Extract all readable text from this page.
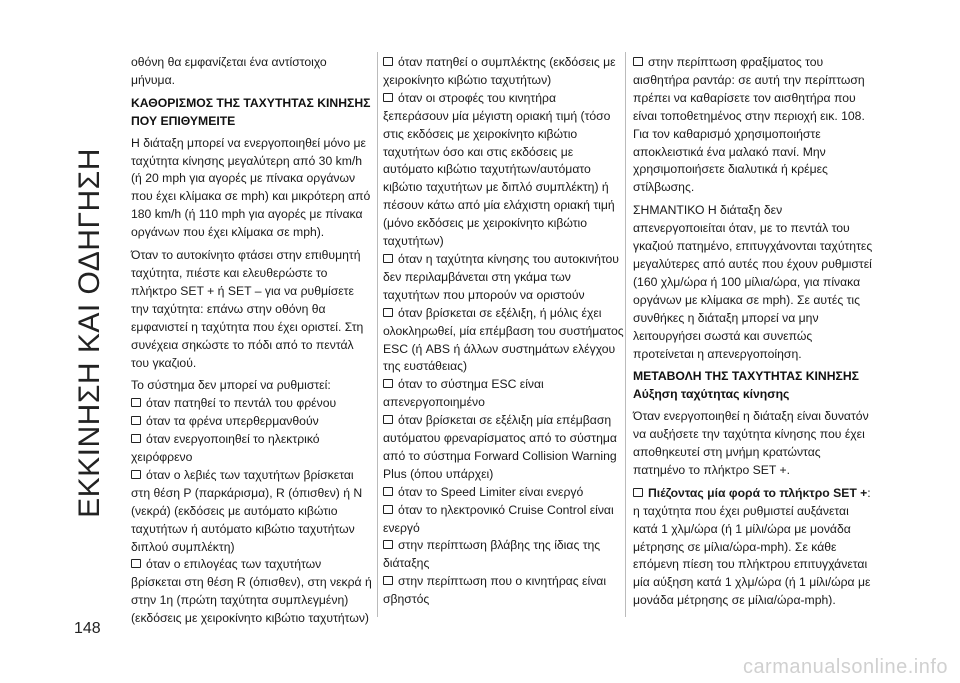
ΕΚΚΙΝΗΣΗ ΚΑΙ ΟΔΗΓΗΣΗ
148

οθόνη θα εμφανίζεται ένα αντίστοιχο μήνυμα.

ΚΑΘΟΡΙΣΜΟΣ ΤΗΣ ΤΑΧΥΤΗΤΑΣ ΚΙΝΗΣΗΣ ΠΟΥ ΕΠΙΘΥΜΕΙΤΕ

Η διάταξη μπορεί να ενεργοποιηθεί μόνο με ταχύτητα κίνησης μεγαλύτερη από 30 km/h (ή 20 mph για αγορές με πίνακα οργάνων που έχει κλίμακα σε mph) και μικρότερη από 180 km/h (ή 110 mph για αγορές με πίνακα οργάνων που έχει κλίμακα σε mph).

Όταν το αυτοκίνητο φτάσει στην επιθυμητή ταχύτητα, πιέστε και ελευθερώστε το πλήκτρο SET + ή SET – για να ρυθμίσετε την ταχύτητα: επάνω στην οθόνη θα εμφανιστεί η ταχύτητα που έχει οριστεί. Στη συνέχεια σηκώστε το πόδι από το πεντάλ του γκαζιού.

Το σύστημα δεν μπορεί να ρυθμιστεί:

όταν πατηθεί το πεντάλ του φρένου
όταν τα φρένα υπερθερμανθούν
όταν ενεργοποιηθεί το ηλεκτρικό χειρόφρενο
όταν ο λεβιές των ταχυτήτων βρίσκεται στη θέση P (παρκάρισμα), R (όπισθεν) ή N (νεκρά) (εκδόσεις με αυτόματο κιβώτιο ταχυτήτων ή αυτόματο κιβώτιο ταχυτήτων διπλού συμπλέκτη)
όταν ο επιλογέας των ταχυτήτων βρίσκεται στη θέση R (όπισθεν), στη νεκρά ή στην 1η (πρώτη ταχύτητα συμπλεγμένη) (εκδόσεις με χειροκίνητο κιβώτιο ταχυτήτων)
όταν πατηθεί ο συμπλέκτης (εκδόσεις με χειροκίνητο κιβώτιο ταχυτήτων)
όταν οι στροφές του κινητήρα ξεπεράσουν μία μέγιστη οριακή τιμή (τόσο στις εκδόσεις με χειροκίνητο κιβώτιο ταχυτήτων όσο και στις εκδόσεις με αυτόματο κιβώτιο ταχυτήτων/αυτόματο κιβώτιο ταχυτήτων με διπλό συμπλέκτη) ή πέσουν κάτω από μία ελάχιστη οριακή τιμή (μόνο εκδόσεις με χειροκίνητο κιβώτιο ταχυτήτων)
όταν η ταχύτητα κίνησης του αυτοκινήτου δεν περιλαμβάνεται στη γκάμα των ταχυτήτων που μπορούν να οριστούν
όταν βρίσκεται σε εξέλιξη, ή μόλις έχει ολοκληρωθεί, μία επέμβαση του συστήματος ESC (ή ABS ή άλλων συστημάτων ελέγχου της ευστάθειας)
όταν το σύστημα ESC είναι απενεργοποιημένο
όταν βρίσκεται σε εξέλιξη μία επέμβαση αυτόματου φρεναρίσματος από το σύστημα από το σύστημα Forward Collision Warning Plus (όπου υπάρχει)
όταν το Speed Limiter είναι ενεργό
όταν το ηλεκτρονικό Cruise Control είναι ενεργό
στην περίπτωση βλάβης της ίδιας της διάταξης
στην περίπτωση που ο κινητήρας είναι σβηστός
στην περίπτωση φραξίματος του αισθητήρα ραντάρ: σε αυτή την περίπτωση πρέπει να καθαρίσετε τον αισθητήρα που είναι τοποθετημένος στην περιοχή εικ. 108. Για τον καθαρισμό χρησιμοποιήστε αποκλειστικά ένα μαλακό πανί. Μην χρησιμοποιήσετε διαλυτικά ή κρέμες στίλβωσης.

ΣΗΜΑΝΤΙΚΟ Η διάταξη δεν απενεργοποιείται όταν, με το πεντάλ του γκαζιού πατημένο, επιτυγχάνονται ταχύτητες μεγαλύτερες από αυτές που έχουν ρυθμιστεί (160 χλμ/ώρα ή 100 μίλια/ώρα, για πίνακα οργάνων με κλίμακα σε mph). Σε αυτές τις συνθήκες η διάταξη μπορεί να μην λειτουργήσει σωστά και συνεπώς προτείνεται η απενεργοποίηση.

ΜΕΤΑΒΟΛΗ ΤΗΣ ΤΑΧΥΤΗΤΑΣ ΚΙΝΗΣΗΣ
Αύξηση ταχύτητας κίνησης

Όταν ενεργοποιηθεί η διάταξη είναι δυνατόν να αυξήσετε την ταχύτητα κίνησης που έχει αποθηκευτεί στη μνήμη κρατώντας πατημένο το πλήκτρο SET +.

Πιέζοντας μία φορά το πλήκτρο SET +: η ταχύτητα που έχει ρυθμιστεί αυξάνεται κατά 1 χλμ/ώρα (ή 1 μίλι/ώρα με μονάδα μέτρησης σε μίλια/ώρα-mph). Σε κάθε επόμενη πίεση του πλήκτρου επιτυγχάνεται μία αύξηση κατά 1 χλμ/ώρα (ή 1 μίλι/ώρα με μονάδα μέτρησης σε μίλια/ώρα-mph).
carmanualsonline.info
